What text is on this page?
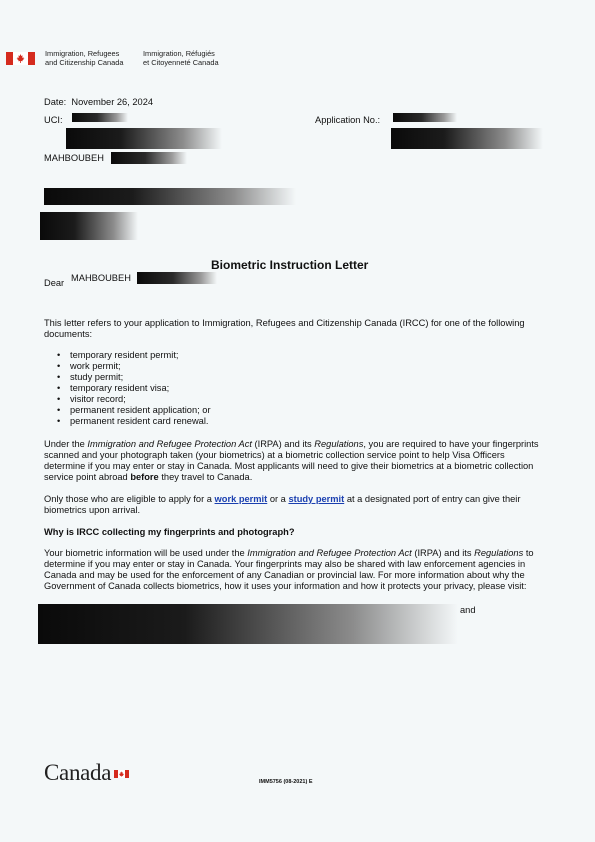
Immigration, Refugees
and Citizenship Canada
Immigration, Réfugiés
et Citoyenneté Canada
Date: November 26, 2024
UCI:	Application No.:
MAHBOUBEH
Biometric Instruction Letter
Dear MAHBOUBEH
This letter refers to your application to Immigration, Refugees and Citizenship Canada (IRCC) for one of the following documents:
• temporary resident permit;
• work permit;
• study permit;
• temporary resident visa;
• visitor record;
• permanent resident application; or
• permanent resident card renewal.
Under the Immigration and Refugee Protection Act (IRPA) and its Regulations, you are required to have your fingerprints scanned and your photograph taken (your biometrics) at a biometric collection service point to help Visa Officers determine if you may enter or stay in Canada. Most applicants will need to give their biometrics at a biometric collection service point abroad before they travel to Canada.
Only those who are eligible to apply for a work permit or a study permit at a designated port of entry can give their biometrics upon arrival.
Why is IRCC collecting my fingerprints and photograph?
Your biometric information will be used under the Immigration and Refugee Protection Act (IRPA) and its Regulations to determine if you may enter or stay in Canada. Your fingerprints may also be shared with law enforcement agencies in Canada and may be used for the enforcement of any Canadian or provincial law. For more information about why the Government of Canada collects biometrics, how it uses your information and how it protects your privacy, please visit:
and
Canada	IMM5756 (08-2021) E
